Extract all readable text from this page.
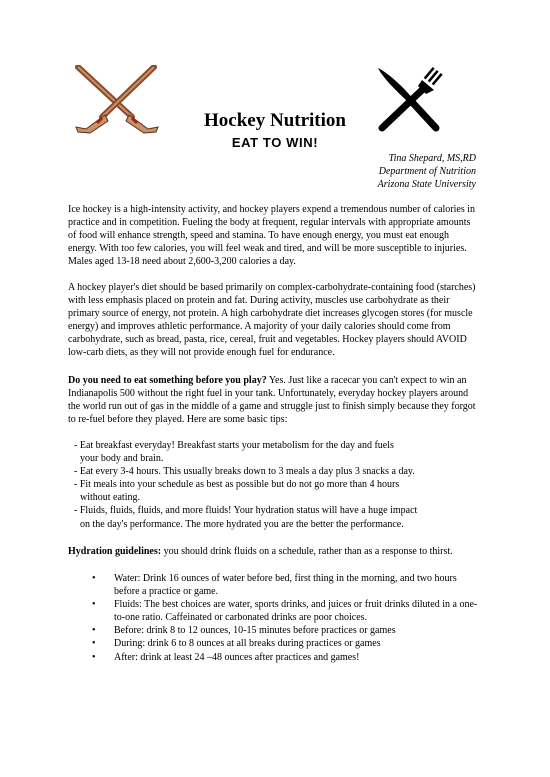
Hockey Nutrition
EAT TO WIN!
Tina Shepard, MS,RD
Department of Nutrition
Arizona State University
Ice hockey is a high-intensity activity, and hockey players expend a tremendous number of calories in practice and in competition. Fueling the body at frequent, regular intervals with appropriate amounts of food will enhance strength, speed and stamina. To have enough energy, you must eat enough energy. With too few calories, you will feel weak and tired, and will be more susceptible to injuries. Males aged 13-18 need about 2,600-3,200 calories a day.
A hockey player's diet should be based primarily on complex-carbohydrate-containing food (starches) with less emphasis placed on protein and fat. During activity, muscles use carbohydrate as their primary source of energy, not protein. A high carbohydrate diet increases glycogen stores (for muscle energy) and improves athletic performance. A majority of your daily calories should come from carbohydrate, such as bread, pasta, rice, cereal, fruit and vegetables. Hockey players should AVOID low-carb diets, as they will not provide enough fuel for endurance.
Do you need to eat something before you play? Yes. Just like a racecar you can't expect to win an Indianapolis 500 without the right fuel in your tank. Unfortunately, everyday hockey players around the world run out of gas in the middle of a game and struggle just to finish simply because they forgot to re-fuel before they played. Here are some basic tips:
- Eat breakfast everyday! Breakfast starts your metabolism for the day and fuels
your body and brain.
- Eat every 3-4 hours. This usually breaks down to 3 meals a day plus 3 snacks a day.
- Fit meals into your schedule as best as possible but do not go more than 4 hours
without eating.
- Fluids, fluids, fluids, and more fluids! Your hydration status will have a huge impact
on the day's performance. The more hydrated you are the better the performance.
Hydration guidelines: you should drink fluids on a schedule, rather than as a response to thirst.
• Water: Drink 16 ounces of water before bed, first thing in the morning, and two hours before a practice or game.
• Fluids: The best choices are water, sports drinks, and juices or fruit drinks diluted in a one-to-one ratio. Caffeinated or carbonated drinks are poor choices.
• Before: drink 8 to 12 ounces, 10-15 minutes before practices or games
• During: drink 6 to 8 ounces at all breaks during practices or games
• After: drink at least 24 –48 ounces after practices and games!
